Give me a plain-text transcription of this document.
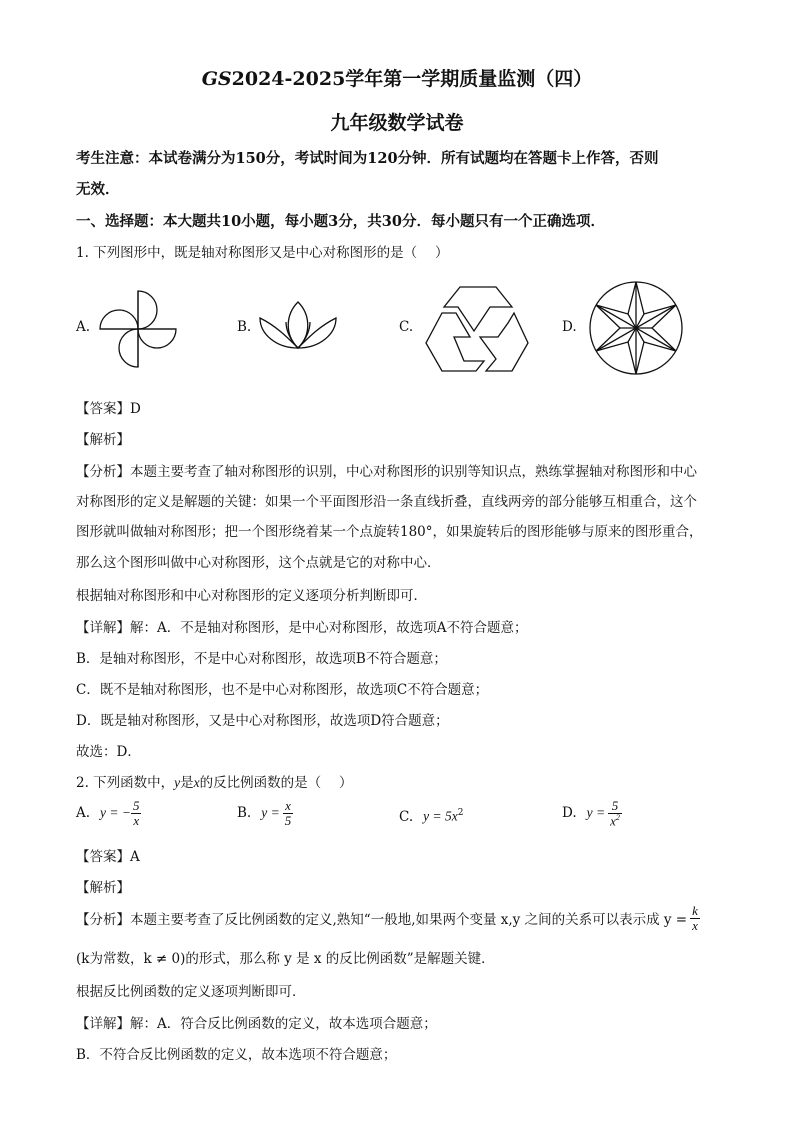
GS2024-2025学年第一学期质量监测（四）
九年级数学试卷
考生注意：本试卷满分为150分，考试时间为120分钟．所有试题均在答题卡上作答，否则
无效．
一、选择题：本大题共10小题，每小题3分，共30分．每小题只有一个正确选项．
1. 下列图形中，既是轴对称图形又是中心对称图形的是（　 ）
A.	B.	C.	D.
【答案】D
【解析】
【分析】本题主要考查了轴对称图形的识别，中心对称图形的识别等知识点，熟练掌握轴对称图形和中心
对称图形的定义是解题的关键：如果一个平面图形沿一条直线折叠，直线两旁的部分能够互相重合，这个
图形就叫做轴对称图形；把一个图形绕着某一个点旋转180°，如果旋转后的图形能够与原来的图形重合，
那么这个图形叫做中心对称图形，这个点就是它的对称中心．
根据轴对称图形和中心对称图形的定义逐项分析判断即可．
【详解】解：A．不是轴对称图形，是中心对称图形，故选项A不符合题意；
B．是轴对称图形，不是中心对称图形，故选项B不符合题意；
C．既不是轴对称图形，也不是中心对称图形，故选项C不符合题意；
D．既是轴对称图形，又是中心对称图形，故选项D符合题意；
故选：D．
2. 下列函数中，y是x的反比例函数的是（　 ）
A. y = − $\frac{5}{x}$	B. $y = \frac{x}{5}$	C. $y = 5x^2$	D. $y = \frac{5}{x^2}$
【答案】A
【解析】
【分析】本题主要考查了反比例函数的定义,熟知“一般地,如果两个变量 x,y 之间的关系可以表示成 $y = \frac{k}{x}$
(k为常数，k ≠ 0)的形式，那么称 y 是 x 的反比例函数”是解题关键．
根据反比例函数的定义逐项判断即可．
【详解】解：A．符合反比例函数的定义，故本选项合题意；
B．不符合反比例函数的定义，故本选项不符合题意；
